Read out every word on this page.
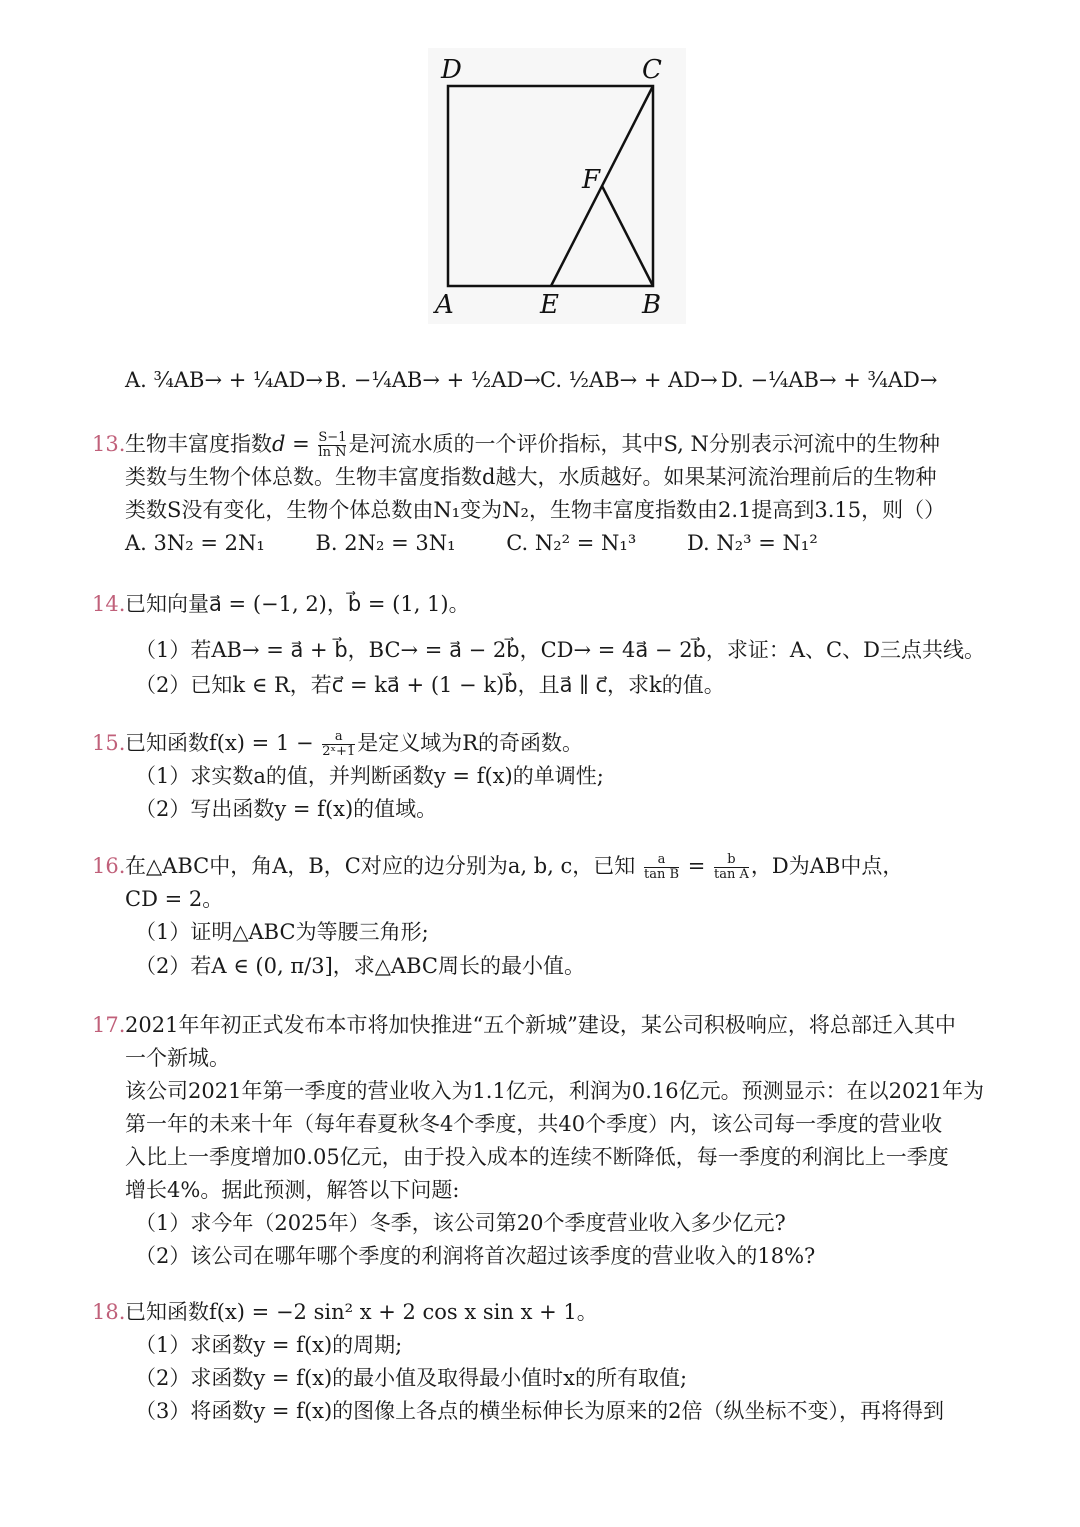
D	C
F
A	E	B
A. ¾AB→ + ¼AD→ B. −¼AB→ + ½AD→ C. ½AB→ + AD→ D. −¼AB→ + ¾AD→
13. 生物丰富度指数$d = \frac{S-1}{\text{ln N}}$ 是河流水质的一个评价指标，其中S, N分别表示河流中的生物种
类数与生物个体总数。生物丰富度指数d越大，水质越好。如果某河流治理前后的生物种
类数S没有变化，生物个体总数由N₁变为N₂，生物丰富度指数由2.1提高到3.15，则（）
A. 3N₂ = 2N₁ B. 2N₂ = 3N₁ C. N₂² = N₁³ D. N₂³ = N₁²
14. 已知向量a⃗ = (−1, 2)，b⃗ = (1, 1)。
（1）若AB→ = a⃗ + b⃗，BC→ = a⃗ − 2b⃗，CD→ = 4a⃗ − 2b⃗，求证：A、C、D三点共线。
（2）已知k ∈ R，若c⃗ = ka⃗ + (1 − k)b⃗，且a⃗ ∥ c⃗，求k的值。
15. 已知函数$f(x) = 1 - \frac{a}{\text{2ˣ+1}}$ 是定义域为R的奇函数。
（1）求实数a的值，并判断函数y = f(x)的单调性;
（2）写出函数y = f(x)的值域。
16. 在△ABC中，角A，B，C对应的边分别为a, b, c，已知 $\frac{a}{\text{tan B}} = \frac{b}{\text{tan A}}$ ，D为AB中点，
CD = 2。
（1）证明△ABC为等腰三角形;
（2）若A ∈ (0, π/3]，求△ABC周长的最小值。
17. 2021年年初正式发布本市将加快推进“五个新城”建设，某公司积极响应，将总部迁入其中
一个新城。
该公司2021年第一季度的营业收入为1.1亿元，利润为0.16亿元。预测显示：在以2021年为
第一年的未来十年（每年春夏秋冬4个季度，共40个季度）内，该公司每一季度的营业收
入比上一季度增加0.05亿元，由于投入成本的连续不断降低，每一季度的利润比上一季度
增长4%。据此预测，解答以下问题:
（1）求今年（2025年）冬季，该公司第20个季度营业收入多少亿元?
（2）该公司在哪年哪个季度的利润将首次超过该季度的营业收入的18%?
18. 已知函数f(x) = −2 sin² x + 2 cos x sin x + 1。
（1）求函数y = f(x)的周期;
（2）求函数y = f(x)的最小值及取得最小值时x的所有取值;
（3）将函数y = f(x)的图像上各点的横坐标伸长为原来的2倍（纵坐标不变），再将得到
